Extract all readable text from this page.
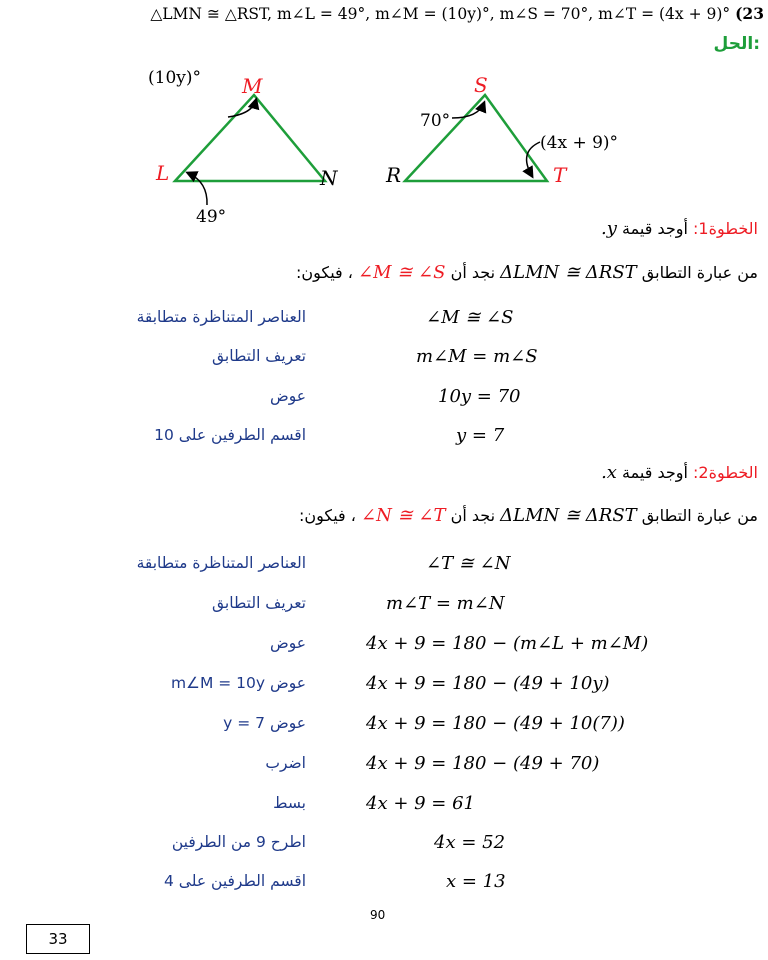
△LMN ≅ △RST, m∠L = 49°, m∠M = (10y)°, m∠S = 70°, m∠T = (4x + 9)° (23
الحل:
M
L	N
S
R	T
(10y)°
49°
70°
(4x + 9)°
الخطوة1: أوجد قيمة y.
من عبارة التطابق ΔLMN ≅ ΔRST نجد أن ∠M ≅ ∠S ، فيكون:
العناصر المتناظرة متطابقة	∠M ≅ ∠S
تعريف التطابق	m∠M = m∠S
عوض	10y = 70
اقسم الطرفين على 10	y = 7
الخطوة2: أوجد قيمة x.
من عبارة التطابق ΔLMN ≅ ΔRST نجد أن ∠N ≅ ∠T ، فيكون:
العناصر المتناظرة متطابقة	∠T ≅ ∠N
تعريف التطابق	m∠T = m∠N
عوض	4x + 9 = 180 − (m∠L + m∠M)
عوض m∠M = 10y	4x + 9 = 180 − (49 + 10y)
عوض y = 7	4x + 9 = 180 − (49 + 10(7))
اضرب	4x + 9 = 180 − (49 + 70)
بسط	4x + 9 = 61
اطرح 9 من الطرفين	4x = 52
اقسم الطرفين على 4	x = 13
90
33
